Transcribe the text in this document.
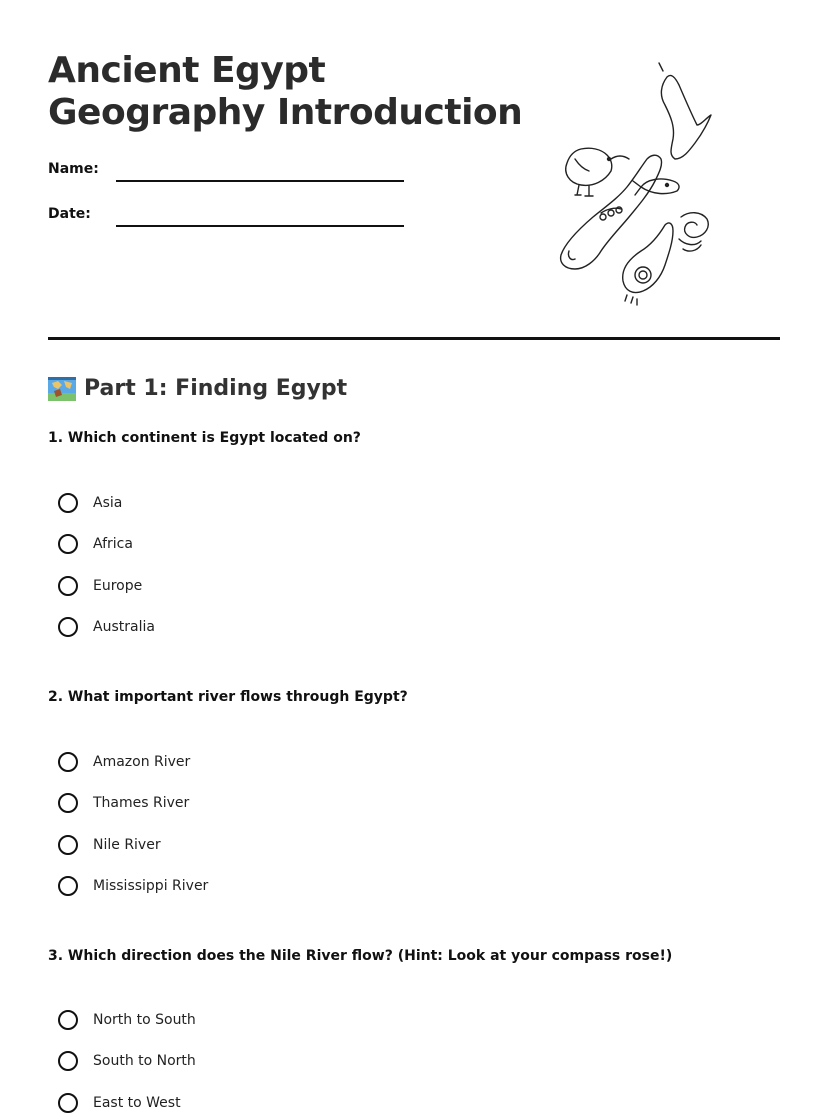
Ancient Egypt
Geography Introduction
Name:
Date:
Part 1: Finding Egypt
1. Which continent is Egypt located on?
Asia
Africa
Europe
Australia
2. What important river flows through Egypt?
Amazon River
Thames River
Nile River
Mississippi River
3. Which direction does the Nile River flow? (Hint: Look at your compass rose!)
North to South
South to North
East to West
